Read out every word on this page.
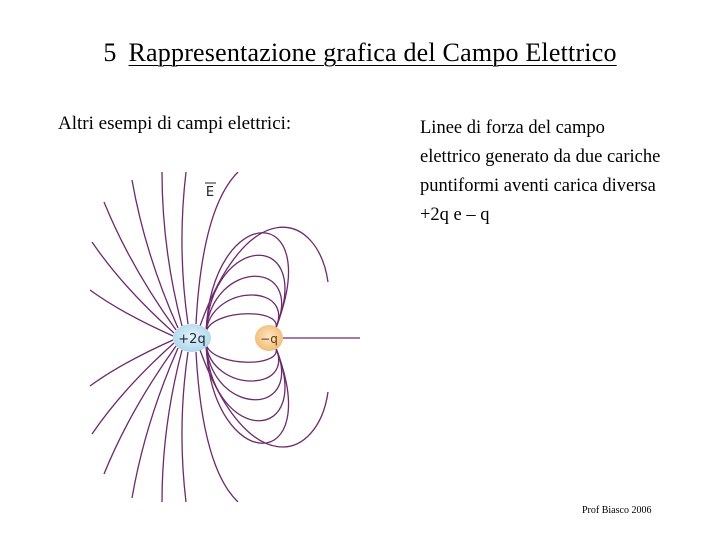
5 Rappresentazione grafica del Campo Elettrico
Altri esempi di campi elettrici:	Linee di forza del campo
elettrico generato da due cariche
puntiformi aventi carica diversa
+2q e – q
+2q	−q
E
Prof Biasco 2006
